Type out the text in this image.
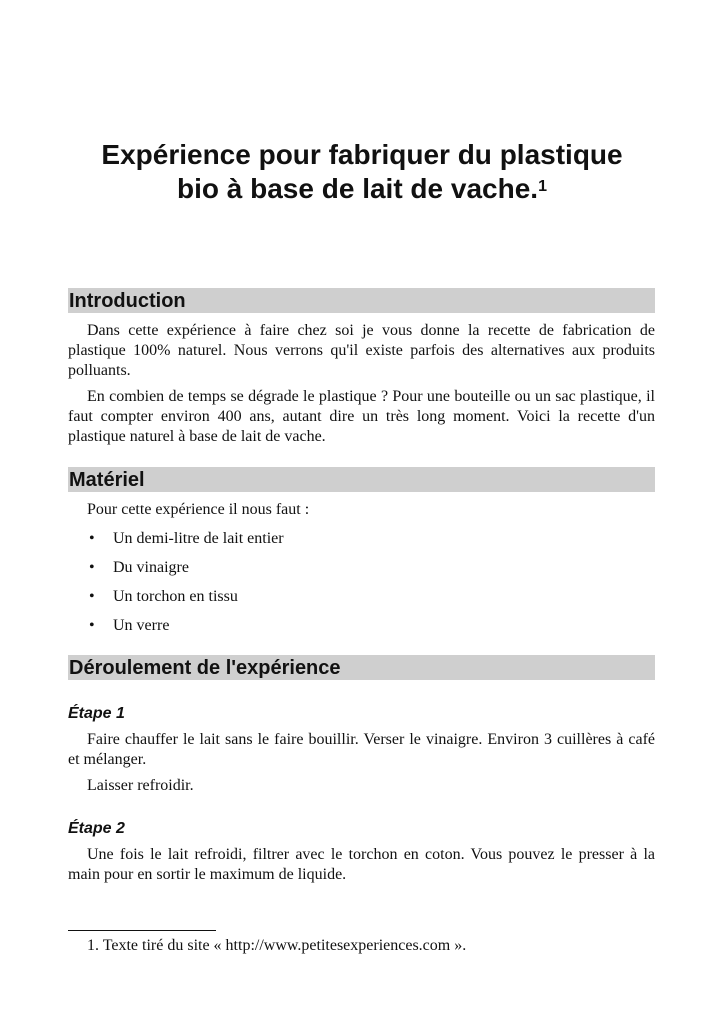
Expérience pour fabriquer du plastique
bio à base de lait de vache.$^1$
Introduction

Dans cette expérience à faire chez soi je vous donne la recette de fabrication de plastique 100% naturel. Nous verrons qu'il existe parfois des alternatives aux produits polluants.

En combien de temps se dégrade le plastique ? Pour une bouteille ou un sac plastique, il faut compter environ 400 ans, autant dire un très long moment. Voici la recette d'un plastique naturel à base de lait de vache.

Matériel

Pour cette expérience il nous faut :

• Un demi-litre de lait entier
• Du vinaigre
• Un torchon en tissu
• Un verre
Déroulement de l'expérience
Étape 1

Faire chauffer le lait sans le faire bouillir. Verser le vinaigre. Environ 3 cuillères à café et mélanger.

Laisser refroidir.

Étape 2

Une fois le lait refroidi, filtrer avec le torchon en coton. Vous pouvez le presser à la main pour en sortir le maximum de liquide.

1. Texte tiré du site « http://www.petitesexperiences.com ».
